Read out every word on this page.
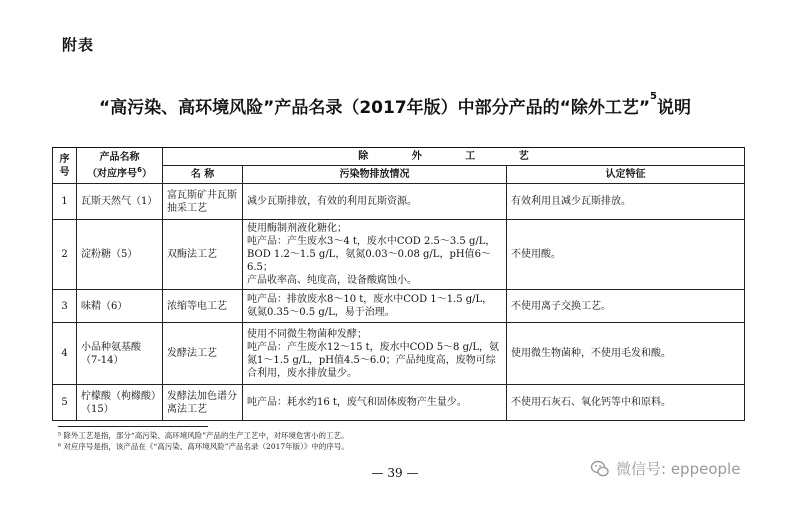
附表
“高污染、高环境风险”产品名录（2017年版）中部分产品的“除外工艺”$^5$说明
序号	产品名称
（对应序号$^6$）	除 外 工 艺		
		名 称	污染物排放情况	认定特征
1	瓦斯天然气（1）	富瓦斯矿井瓦斯抽采工艺	减少瓦斯排放，有效的利用瓦斯资源。	有效利用且减少瓦斯排放。
2	淀粉糖（5）	双酶法工艺	使用酶制剂液化糖化；
吨产品：产生废水3～4 t，废水中COD 2.5～3.5 g/L，
BOD 1.2～1.5 g/L，氨氮0.03～0.08 g/L，pH值6～6.5；
产品收率高、纯度高，设备酸腐蚀小。	不使用酸。
3	味精（6）	浓缩等电工艺	吨产品：排放废水8～10 t，废水中COD 1～1.5 g/L，
氨氮0.35～0.5 g/L，易于治理。	不使用离子交换工艺。
4	小品种氨基酸（7-14）	发酵法工艺	使用不同微生物菌种发酵；
吨产品：产生废水12～15 t，废水中COD 5～8 g/L，氨
氮1～1.5 g/L，pH值4.5～6.0；产品纯度高，废物可综
合利用，废水排放量少。	使用微生物菌种，不使用毛发和酸。
5	柠檬酸（枸橼酸）（15）	发酵法加色谱分离法工艺	吨产品：耗水约16 t，废气和固体废物产生量少。	不使用石灰石、氧化钙等中和原料。
⁵ 除外工艺是指，部分“高污染、高环境风险”产品的生产工艺中，对环境危害小的工艺。
⁶ 对应序号是指，该产品在《“高污染、高环境风险”产品名录（2017年版）》中的序号。
— 39 —	微信号: eppeople
